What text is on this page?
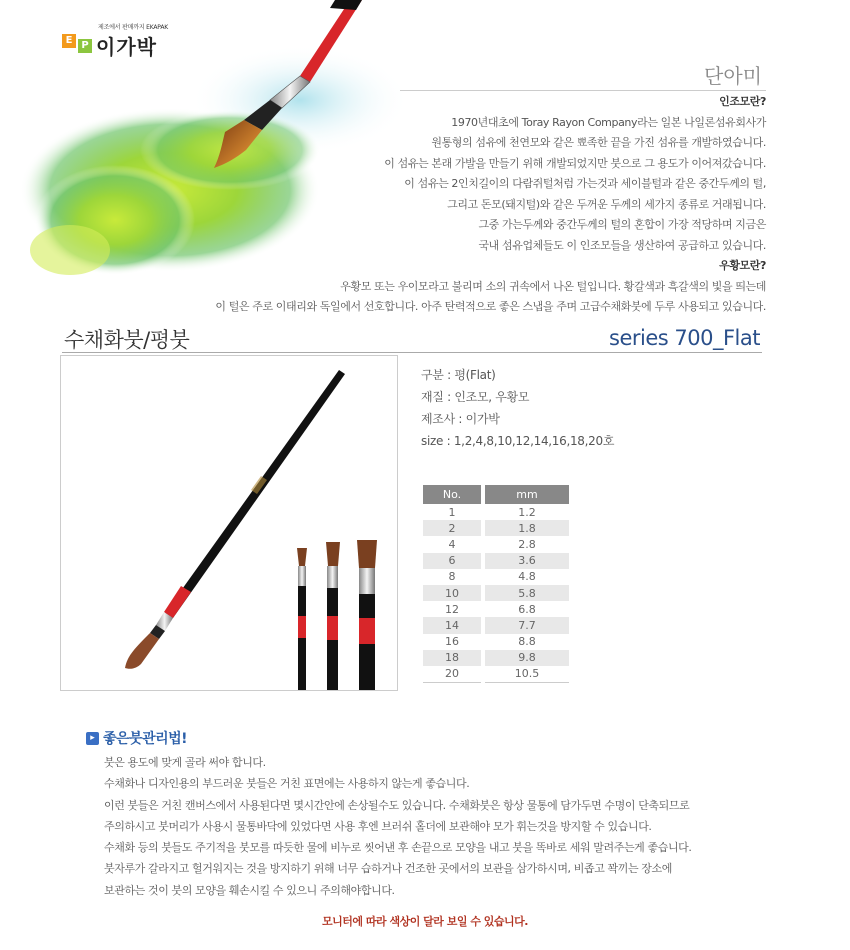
제조에서 판매까지 EKAPAK
E P 이가박
단아미

인조모란?

1970년대초에 Toray Rayon Company라는 일본 나일론섬유회사가

원통형의 섬유에 천연모와 같은 뾰족한 끝을 가진 섬유를 개발하였습니다.

이 섬유는 본래 가발을 만들기 위해 개발되었지만 붓으로 그 용도가 이어져갔습니다.

이 섬유는 2인치길이의 다람쥐털처럼 가는것과 세이블털과 같은 중간두께의 털,

그리고 돈모(돼지털)와 같은 두꺼운 두께의 세가지 종류로 거래됩니다.

그중 가는두께와 중간두께의 털의 혼합이 가장 적당하며 지금은

국내 섬유업체들도 이 인조모들을 생산하여 공급하고 있습니다.

우황모란?

우황모 또는 우이모라고 불리며 소의 귀속에서 나온 털입니다. 황갈색과 흑갈색의 빛을 띄는데

이 털은 주로 이태리와 독일에서 선호합니다. 아주 탄력적으로 좋은 스냅을 주며 고급수채화붓에 두루 사용되고 있습니다.

수채화붓/평붓	series 700_Flat

구분 : 평(Flat)

재질 : 인조모, 우황모

제조사 : 이가박

size : 1,2,4,8,10,12,14,16,18,20호

No.	mm
1	1.2
2	1.8
4	2.8
6	3.6
8	4.8
10	5.8
12	6.8
14	7.7
16	8.8
18	9.8
20	10.5
▸ 좋은붓관리법!

붓은 용도에 맞게 골라 써야 합니다.

수채화나 디자인용의 부드러운 붓들은 거친 표면에는 사용하지 않는게 좋습니다.

이런 붓들은 거친 캔버스에서 사용된다면 몇시간안에 손상될수도 있습니다. 수채화붓은 항상 물통에 담가두면 수명이 단축되므로

주의하시고 붓머리가 사용시 물통바닥에 있었다면 사용 후엔 브러쉬 홀더에 보관해야 모가 휘는것을 방지할 수 있습니다.

수채화 등의 붓들도 주기적을 붓모를 따듯한 물에 비누로 씻어낸 후 손끝으로 모양을 내고 붓을 똑바로 세워 말려주는게 좋습니다.

붓자루가 갈라지고 헐거워지는 것을 방지하기 위해 너무 습하거나 건조한 곳에서의 보관을 삼가하시며, 비좁고 꽉끼는 장소에

보관하는 것이 붓의 모양을 훼손시킬 수 있으니 주의해야합니다.

모니터에 따라 색상이 달라 보일 수 있습니다.
